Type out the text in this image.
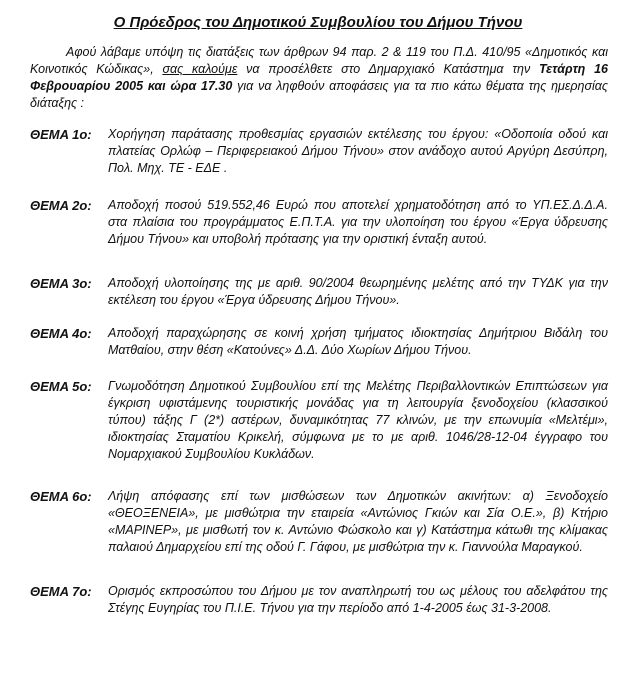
Ο Πρόεδρος του Δημοτικού Συμβουλίου του Δήμου Τήνου
Αφού λάβαμε υπόψη τις διατάξεις των άρθρων 94 παρ. 2 & 119 του Π.Δ. 410/95 «Δημοτικός και Κοινοτικός Κώδικας», σας καλούμε να προσέλθετε στο Δημαρχιακό Κατάστημα την Τετάρτη 16 Φεβρουαρίου 2005 και ώρα 17.30 για να ληφθούν αποφάσεις για τα πιο κάτω θέματα της ημερησίας διάταξης :
ΘΕΜΑ 1ο:	Χορήγηση παράτασης προθεσμίας εργασιών εκτέλεσης του έργου: «Οδοποιία οδού και πλατείας Ορλώφ – Περιφερειακού Δήμου Τήνου» στον ανάδοχο αυτού Αργύρη Δεσύπρη, Πολ. Μηχ. ΤΕ - ΕΔΕ .
ΘΕΜΑ 2ο:	Αποδοχή ποσού 519.552,46 Ευρώ που αποτελεί χρηματοδότηση από το ΥΠ.ΕΣ.Δ.Δ.Α. στα πλαίσια του προγράμματος Ε.Π.Τ.Α. για την υλοποίηση του έργου «Έργα ύδρευσης Δήμου Τήνου» και υποβολή πρότασης για την οριστική ένταξη αυτού.
ΘΕΜΑ 3ο:	Αποδοχή υλοποίησης της με αριθ. 90/2004 θεωρημένης μελέτης από την ΤΥΔΚ για την εκτέλεση του έργου «Έργα ύδρευσης Δήμου Τήνου».
ΘΕΜΑ 4ο:	Αποδοχή παραχώρησης σε κοινή χρήση τμήματος ιδιοκτησίας Δημήτριου Βιδάλη του Ματθαίου, στην θέση «Κατούνες» Δ.Δ. Δύο Χωρίων Δήμου Τήνου.
ΘΕΜΑ 5ο:	Γνωμοδότηση Δημοτικού Συμβουλίου επί της Μελέτης Περιβαλλοντικών Επιπτώσεων για έγκριση υφιστάμενης τουριστικής μονάδας για τη λειτουργία ξενοδοχείου (κλασσικού τύπου) τάξης Γ (2*) αστέρων, δυναμικότητας 77 κλινών, με την επωνυμία «Μελτέμι», ιδιοκτησίας Σταματίου Κρικελή, σύμφωνα με το με αριθ. 1046/28-12-04 έγγραφο του Νομαρχιακού Συμβουλίου Κυκλάδων.
ΘΕΜΑ 6ο:	Λήψη απόφασης επί των μισθώσεων των Δημοτικών ακινήτων: α) Ξενοδοχείο «ΘΕΟΞΕΝΕΙΑ», με μισθώτρια την εταιρεία «Αντώνιος Γκιών και Σία Ο.Ε.», β) Κτήριο «ΜΑΡΙΝΕΡ», με μισθωτή τον κ. Αντώνιο Φώσκολο και γ) Κατάστημα κάτωθι της κλίμακας παλαιού Δημαρχείου επί της οδού Γ. Γάφου, με μισθώτρια την κ. Γιαννούλα Μαραγκού.
ΘΕΜΑ 7ο:	Ορισμός εκπροσώπου του Δήμου με τον αναπληρωτή του ως μέλους του αδελφάτου της Στέγης Ευγηρίας του Π.Ι.Ε. Τήνου για την περίοδο από 1-4-2005 έως 31-3-2008.
